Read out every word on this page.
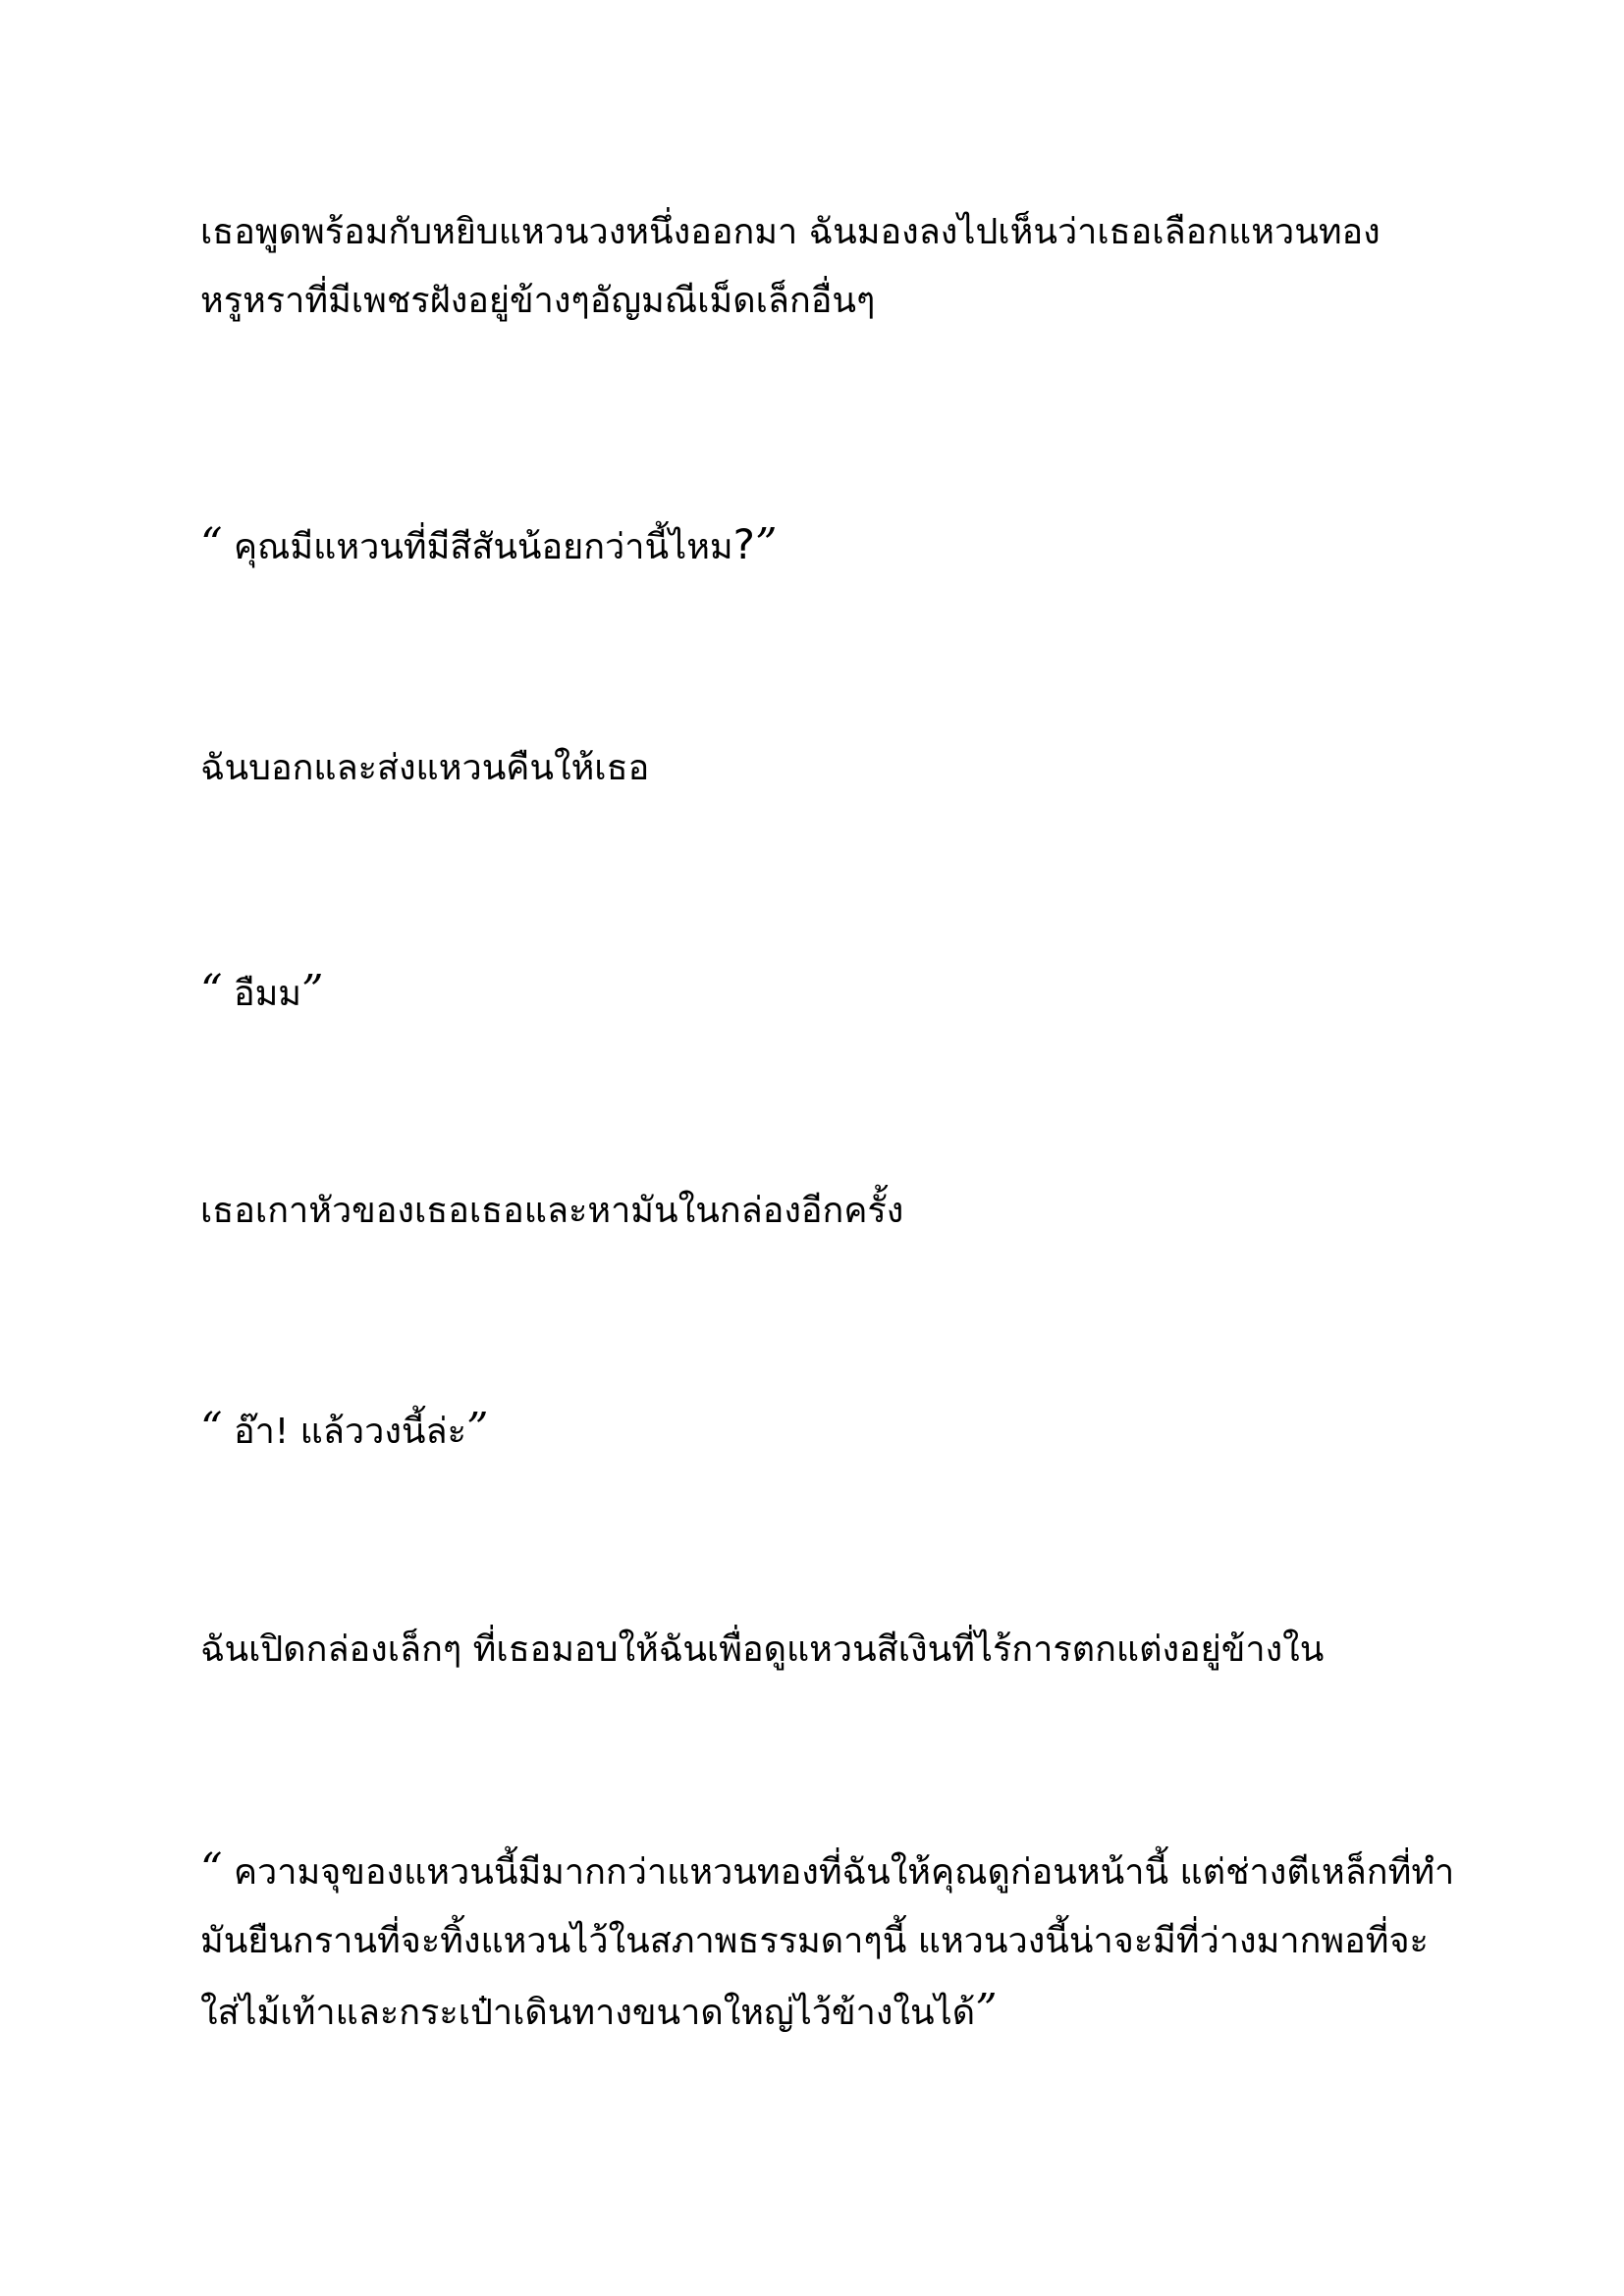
เธอพูดพร้อมกับหยิบแหวนวงหนึ่งออกมา ฉันมองลงไปเห็นว่าเธอเลือกแหวนทอง
หรูหราที่มีเพชรฝังอยู่ข้างๆอัญมณีเม็ดเล็กอื่นๆ
“ คุณมีแหวนที่มีสีสันน้อยกว่านี้ไหม?”
ฉันบอกและส่งแหวนคืนให้เธอ
“ อืมม”
เธอเกาหัวของเธอเธอและหามันในกล่องอีกครั้ง
“ อ๊า! แล้ววงนี้ล่ะ”
ฉันเปิดกล่องเล็กๆ ที่เธอมอบให้ฉันเพื่อดูแหวนสีเงินที่ไร้การตกแต่งอยู่ข้างใน
“ ความจุของแหวนนี้มีมากกว่าแหวนทองที่ฉันให้คุณดูก่อนหน้านี้ แต่ช่างตีเหล็กที่ทำ
มันยืนกรานที่จะทิ้งแหวนไว้ในสภาพธรรมดาๆนี้ แหวนวงนี้น่าจะมีที่ว่างมากพอที่จะ
ใส่ไม้เท้าและกระเป๋าเดินทางขนาดใหญ่ไว้ข้างในได้”
